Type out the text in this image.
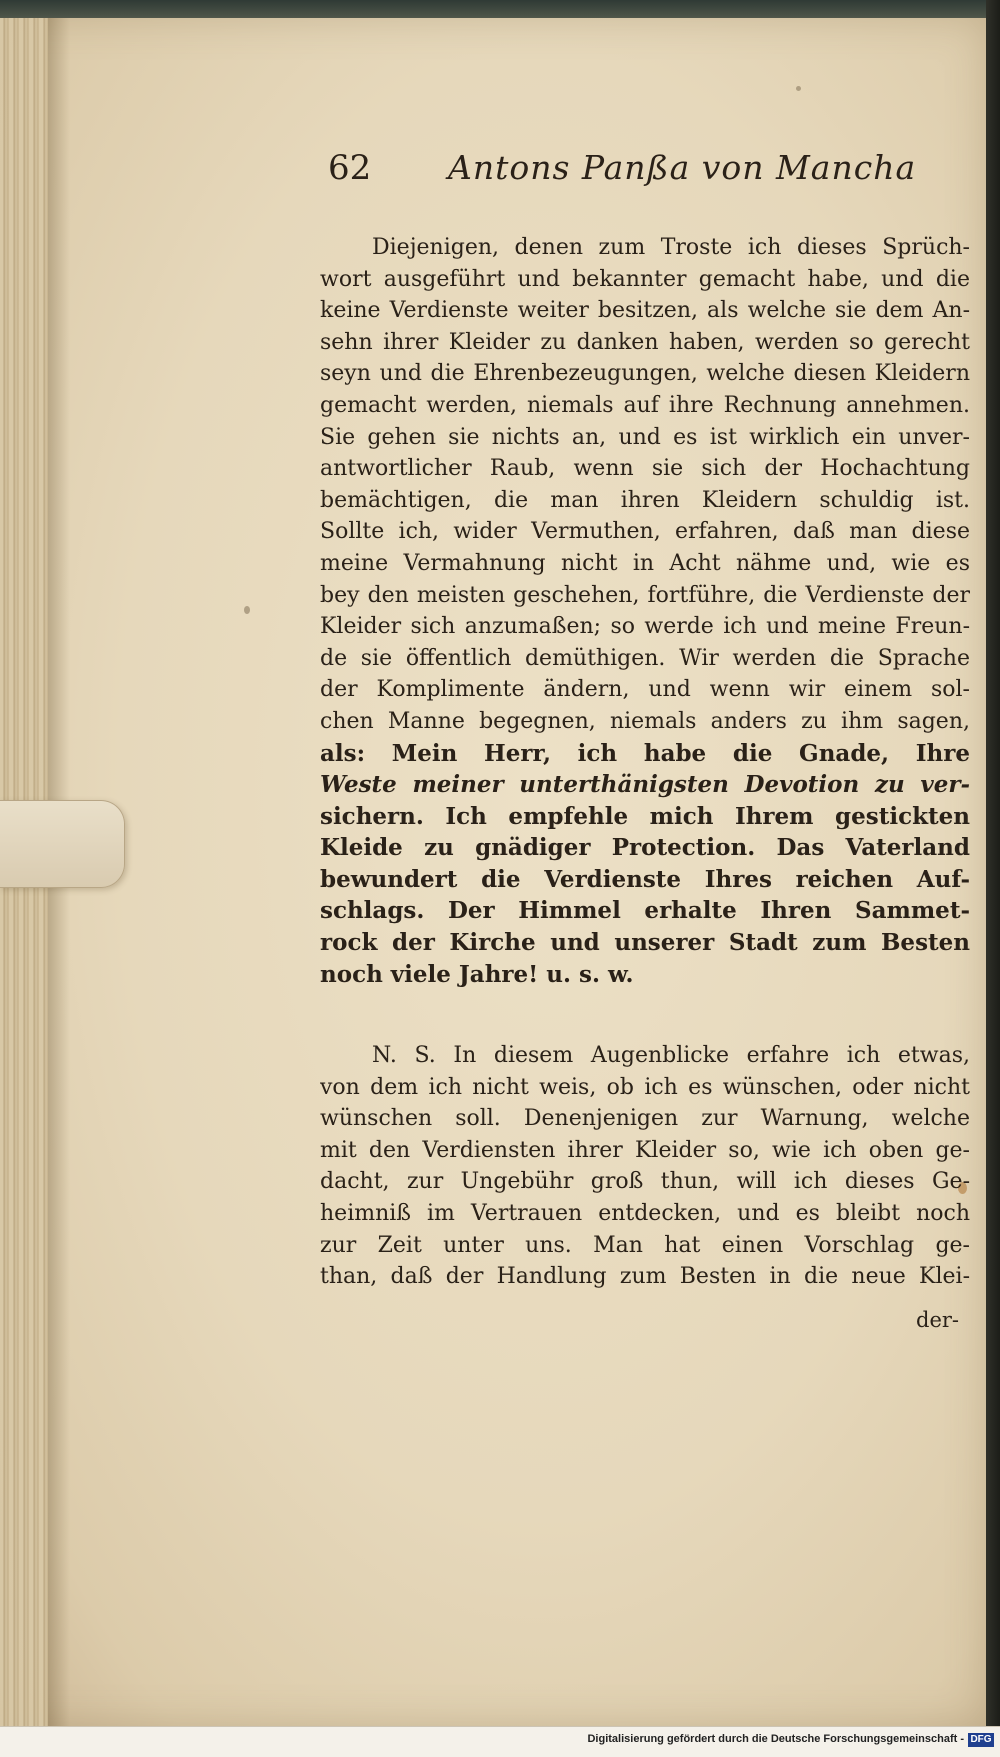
62 Antons Panßa von Mancha
Diejenigen, denen zum Troste ich dieses Sprüch-
wort ausgeführt und bekannter gemacht habe, und die
keine Verdienste weiter besitzen, als welche sie dem An-
sehn ihrer Kleider zu danken haben, werden so gerecht
seyn und die Ehrenbezeugungen, welche diesen Kleidern
gemacht werden, niemals auf ihre Rechnung annehmen.
Sie gehen sie nichts an, und es ist wirklich ein unver-
antwortlicher Raub, wenn sie sich der Hochachtung
bemächtigen, die man ihren Kleidern schuldig ist.
Sollte ich, wider Vermuthen, erfahren, daß man diese
meine Vermahnung nicht in Acht nähme und, wie es
bey den meisten geschehen, fortführe, die Verdienste der
Kleider sich anzumaßen; so werde ich und meine Freun-
de sie öffentlich demüthigen. Wir werden die Sprache
der Komplimente ändern, und wenn wir einem sol-
chen Manne begegnen, niemals anders zu ihm sagen,
als: Mein Herr, ich habe die Gnade, Ihre
Weste meiner unterthänigsten Devotion zu ver-
sichern. Ich empfehle mich Ihrem gestickten
Kleide zu gnädiger Protection. Das Vaterland
bewundert die Verdienste Ihres reichen Auf-
schlags. Der Himmel erhalte Ihren Sammet-
rock der Kirche und unserer Stadt zum Besten
noch viele Jahre! u. s. w.
N. S. In diesem Augenblicke erfahre ich etwas,
von dem ich nicht weis, ob ich es wünschen, oder nicht
wünschen soll. Denenjenigen zur Warnung, welche
mit den Verdiensten ihrer Kleider so, wie ich oben ge-
dacht, zur Ungebühr groß thun, will ich dieses Ge-
heimniß im Vertrauen entdecken, und es bleibt noch
zur Zeit unter uns. Man hat einen Vorschlag ge-
than, daß der Handlung zum Besten in die neue Klei-
der-
Digitalisierung gefördert durch die Deutsche Forschungsgemeinschaft - DFG
